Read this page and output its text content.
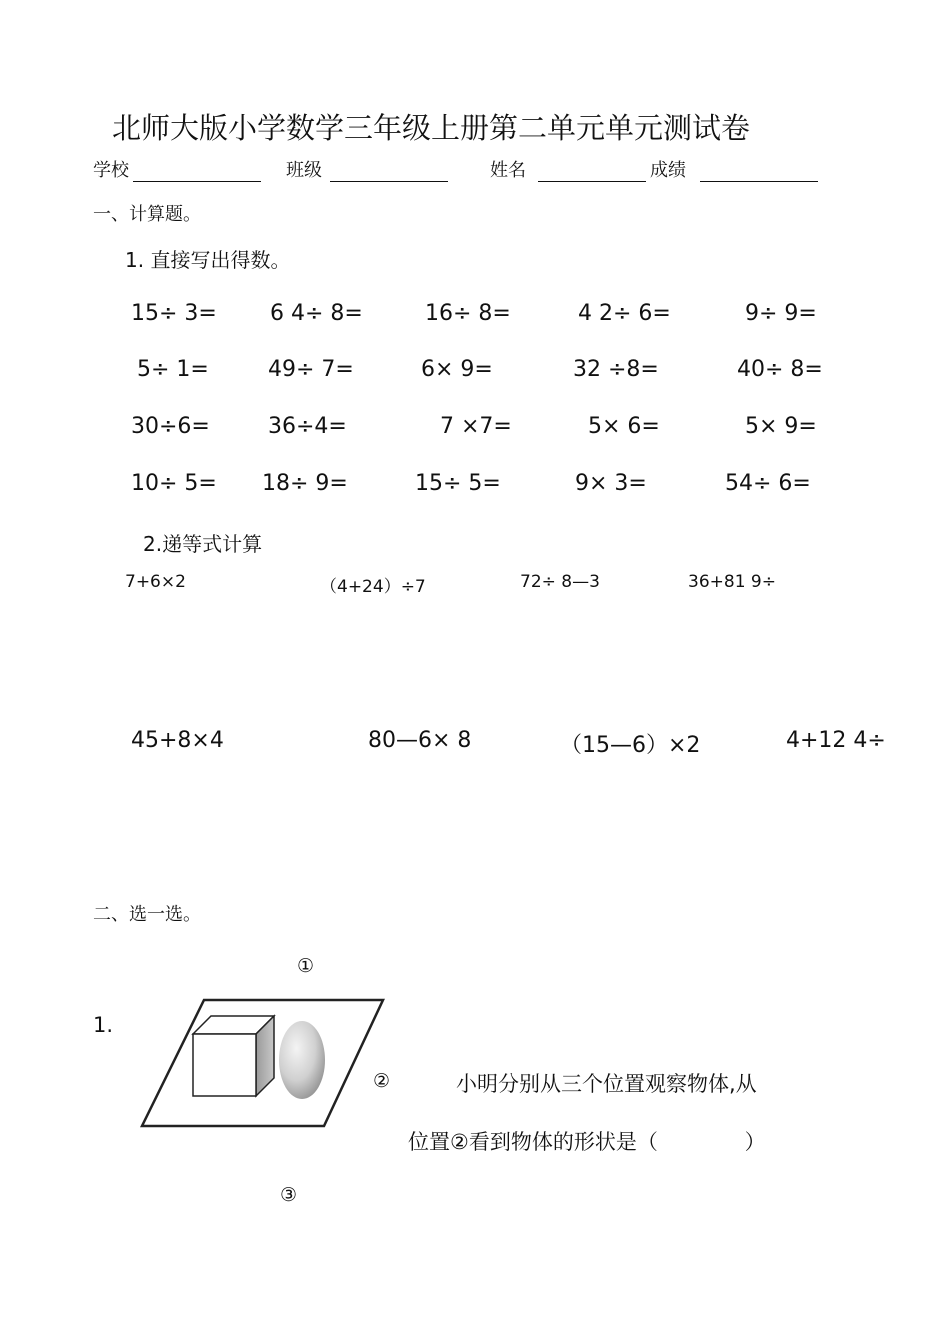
北师大版小学数学三年级上册第二单元单元测试卷
学校	班级	姓名	成绩
一、计算题。
1. 直接写出得数。
15÷ 3= 6 4÷ 8=	16÷ 8=	4 2÷ 6=	9÷ 9=
5÷ 1=	49÷ 7=	6× 9=	32 ÷8=	40÷ 8=
30÷6=	36÷4=	7 ×7=	5× 6=	5× 9=
10÷ 5= 18÷ 9=	15÷ 5=	9× 3=	54÷ 6=
2.递等式计算
7+6×2	（4+24）÷7	72÷ 8—3	36+81 9÷
45+8×4	80—6× 8	（15—6）×2	4+12 4÷
二、选一选。
①
1.
②	小明分别从三个位置观察物体,从
位置②看到物体的形状是（             ）
③
